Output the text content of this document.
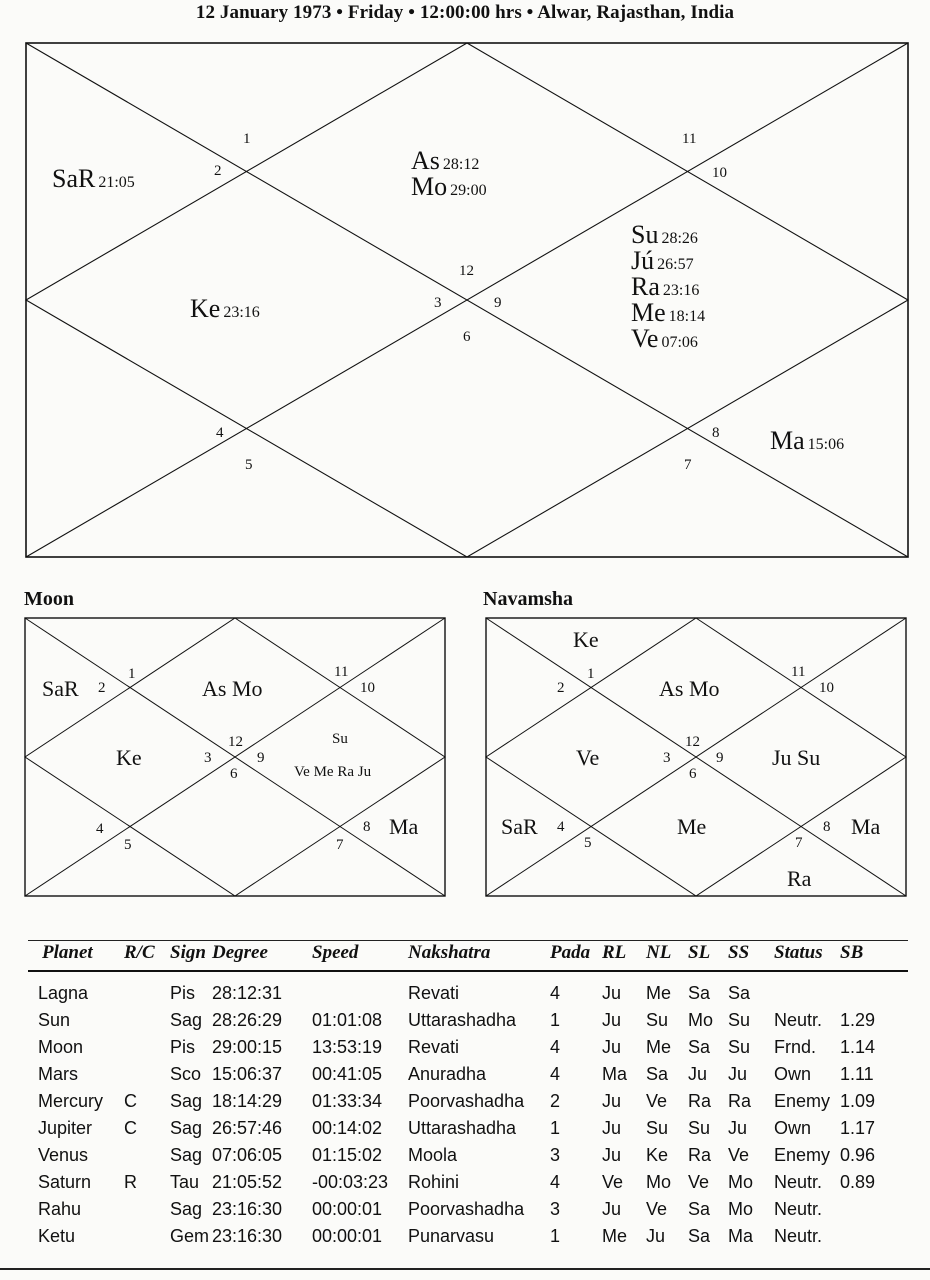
12 January 1973 • Friday • 12:00:00 hrs • Alwar, Rajasthan, India
1
2
3
4
5
6
7
8
9
10
11
12
SaR 21:05
As 28:12
Mo 29:00
Ke 23:16
Su 28:26
Jú 26:57
Ra 23:16
Me 18:14
Ve 07:06
Ma 15:06
Moon
1
2
3
4
5
6
7
8
9
10
11
12
SaR	As Mo
Ke
Su
Ve Me Ra Ju
Ma
Navamsha
1
2
3
4
5
6
7
8
9
10
11
12
Ke
As Mo
Ve	Ju Su
SaR	Me	Ma
Ra
Planet	R/C	Sign	Degree	Speed	Nakshatra	Pada	RL	NL	SL	SS	Status	SB
Lagna		Pis	28:12:31		Revati	4	Ju	Me	Sa	Sa		
Sun		Sag	28:26:29	01:01:08	Uttarashadha	1	Ju	Su	Mo	Su	Neutr.	1.29
Moon		Pis	29:00:15	13:53:19	Revati	4	Ju	Me	Sa	Su	Frnd.	1.14
Mars		Sco	15:06:37	00:41:05	Anuradha	4	Ma	Sa	Ju	Ju	Own	1.11
Mercury	C	Sag	18:14:29	01:33:34	Poorvashadha	2	Ju	Ve	Ra	Ra	Enemy	1.09
Jupiter	C	Sag	26:57:46	00:14:02	Uttarashadha	1	Ju	Su	Su	Ju	Own	1.17
Venus		Sag	07:06:05	01:15:02	Moola	3	Ju	Ke	Ra	Ve	Enemy	0.96
Saturn	R	Tau	21:05:52	-00:03:23	Rohini	4	Ve	Mo	Ve	Mo	Neutr.	0.89
Rahu		Sag	23:16:30	00:00:01	Poorvashadha	3	Ju	Ve	Sa	Mo	Neutr.	
Ketu		Gem	23:16:30	00:00:01	Punarvasu	1	Me	Ju	Sa	Ma	Neutr.	
